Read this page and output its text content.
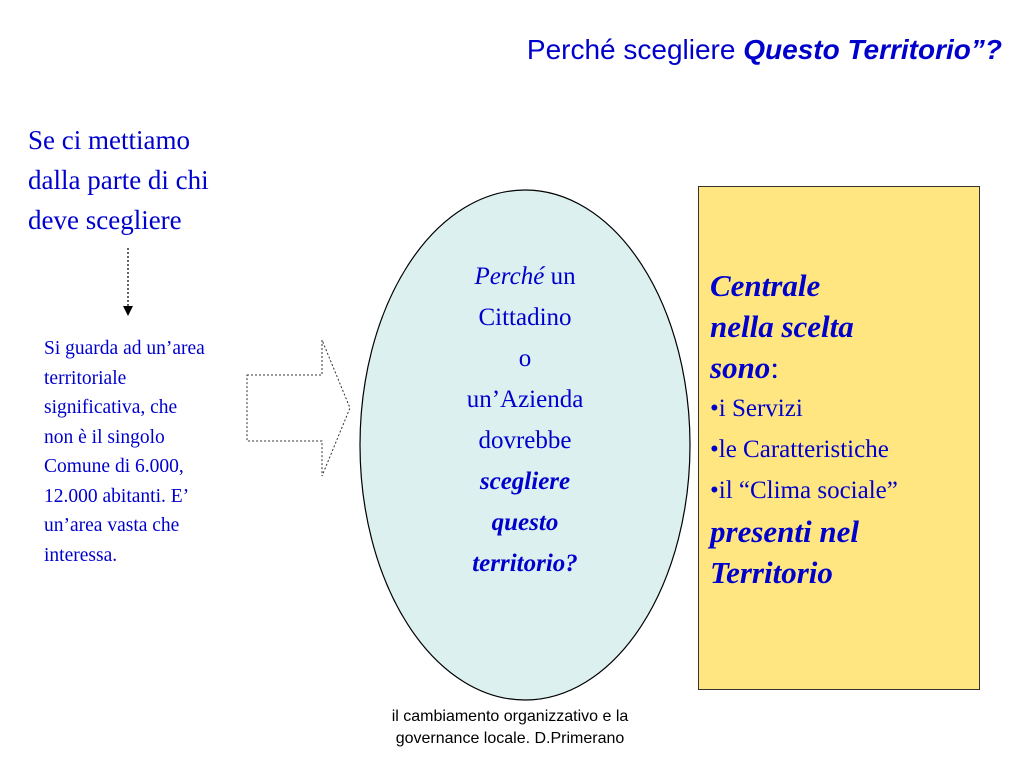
Perché scegliere Questo Territorio”?
Se ci mettiamo
dalla parte di chi
deve scegliere
Si guarda ad un’area
territoriale
significativa, che
non è il singolo
Comune di 6.000,
12.000 abitanti. E’
un’area vasta che
interessa.
Perché un
Cittadino
o
un’Azienda
dovrebbe
scegliere
questo
territorio?
Centrale
nella scelta
sono:
•i Servizi
•le Caratteristiche
•il “Clima sociale”
presenti nel
Territorio
il cambiamento organizzativo e la
governance locale. D.Primerano
